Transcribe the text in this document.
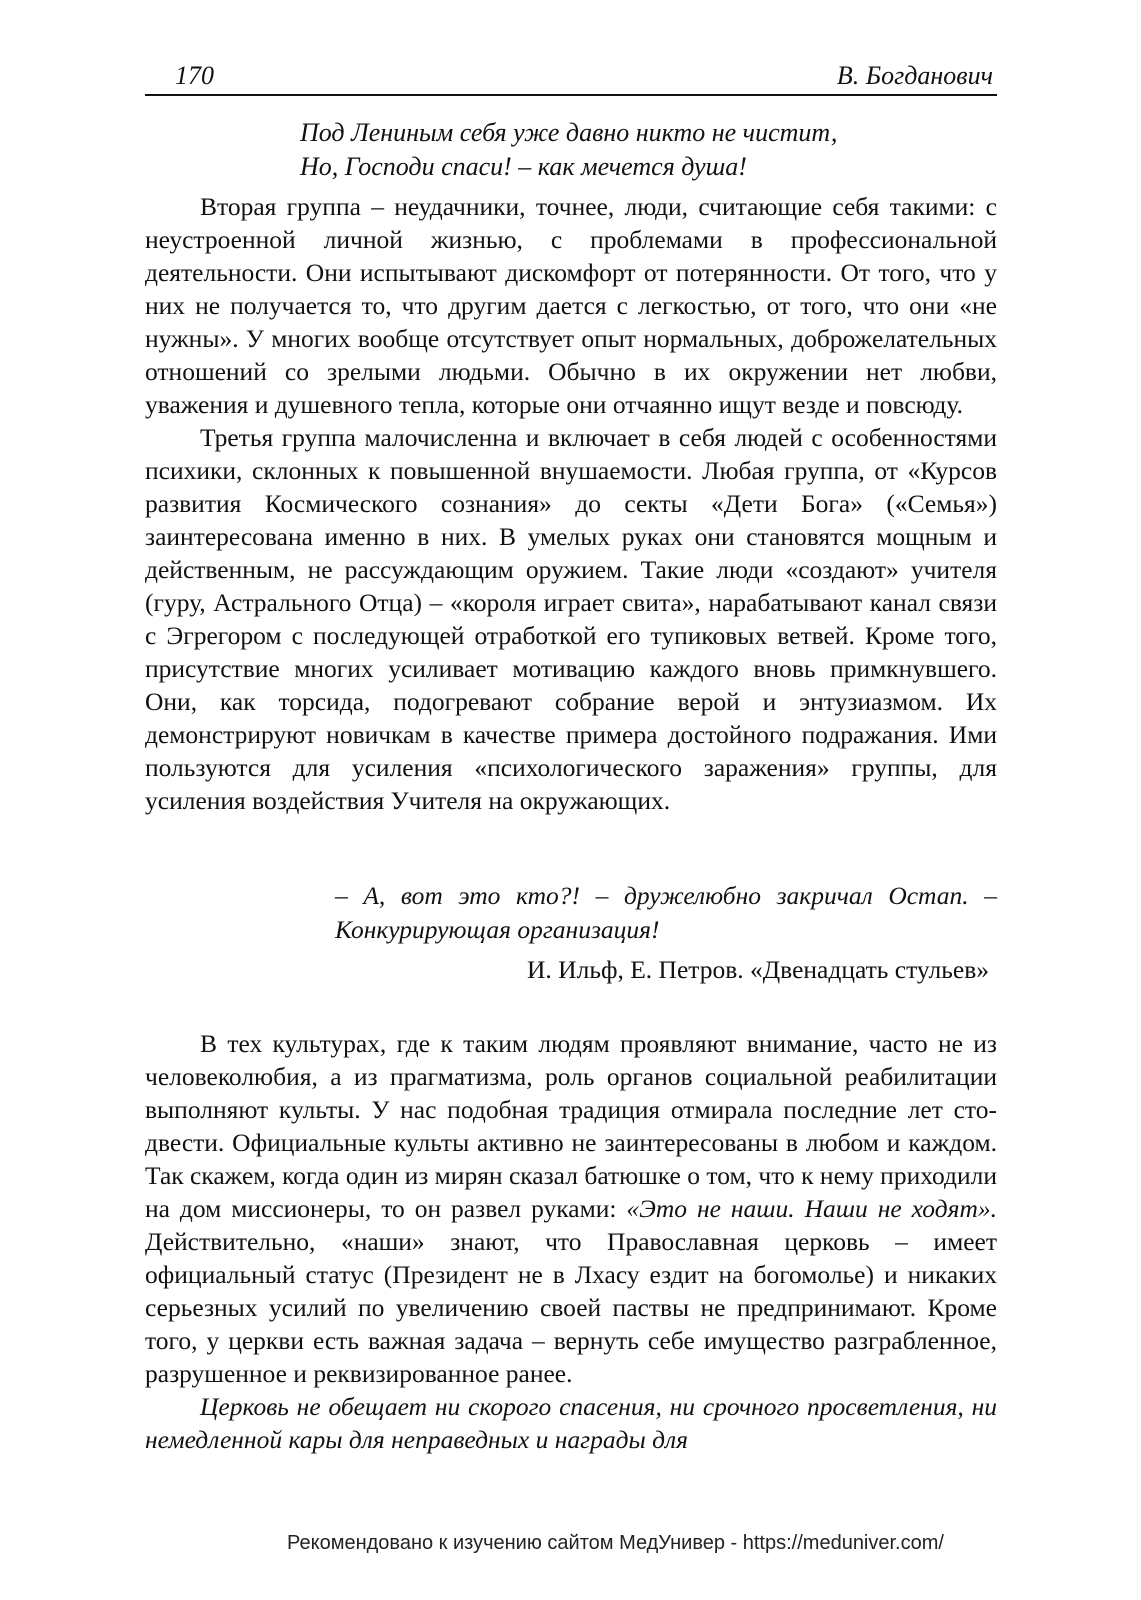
170	В. Богданович
Под Лениным себя уже давно никто не чистит,
Но, Господи спаси! – как мечется душа!

Вторая группа – неудачники, точнее, люди, считающие себя такими: с неустроенной личной жизнью, с проблемами в профессиональной деятельности. Они испытывают дискомфорт от потерянности. От того, что у них не получается то, что другим дается с легкостью, от того, что они «не нужны». У многих вообще отсутствует опыт нормальных, доброжелательных отношений со зрелыми людьми. Обычно в их окружении нет любви, уважения и душевного тепла, которые они отчаянно ищут везде и повсюду.

Третья группа малочисленна и включает в себя людей с особенностями психики, склонных к повышенной внушаемости. Любая группа, от «Курсов развития Космического сознания» до секты «Дети Бога» («Семья») заинтересована именно в них. В умелых руках они становятся мощным и действенным, не рассуждающим оружием. Такие люди «создают» учителя (гуру, Астрального Отца) – «короля играет свита», нарабатывают канал связи с Эгрегором с последующей отработкой его тупиковых ветвей. Кроме того, присутствие многих усиливает мотивацию каждого вновь примкнувшего. Они, как торсида, подогревают собрание верой и энтузиазмом. Их демонстрируют новичкам в качестве примера достойного подражания. Ими пользуются для усиления «психологического заражения» группы, для усиления воздействия Учителя на окружающих.

– А, вот это кто?! – дружелюбно закричал Остап. – Конкурирующая организация!
И. Ильф, Е. Петров. «Двенадцать стульев»

В тех культурах, где к таким людям проявляют внимание, часто не из человеколюбия, а из прагматизма, роль органов социальной реабилитации выполняют культы. У нас подобная традиция отмирала последние лет сто-двести. Официальные культы активно не заинтересованы в любом и каждом. Так скажем, когда один из мирян сказал батюшке о том, что к нему приходили на дом миссионеры, то он развел руками: «Это не наши. Наши не ходят». Действительно, «наши» знают, что Православная церковь – имеет официальный статус (Президент не в Лхасу ездит на богомолье) и никаких серьезных усилий по увеличению своей паствы не предпринимают. Кроме того, у церкви есть важная задача – вернуть себе имущество разграбленное, разрушенное и реквизированное ранее.

Церковь не обещает ни скорого спасения, ни срочного просветления, ни немедленной кары для неправедных и награды для

Рекомендовано к изучению сайтом МедУнивер - https://meduniver.com/
